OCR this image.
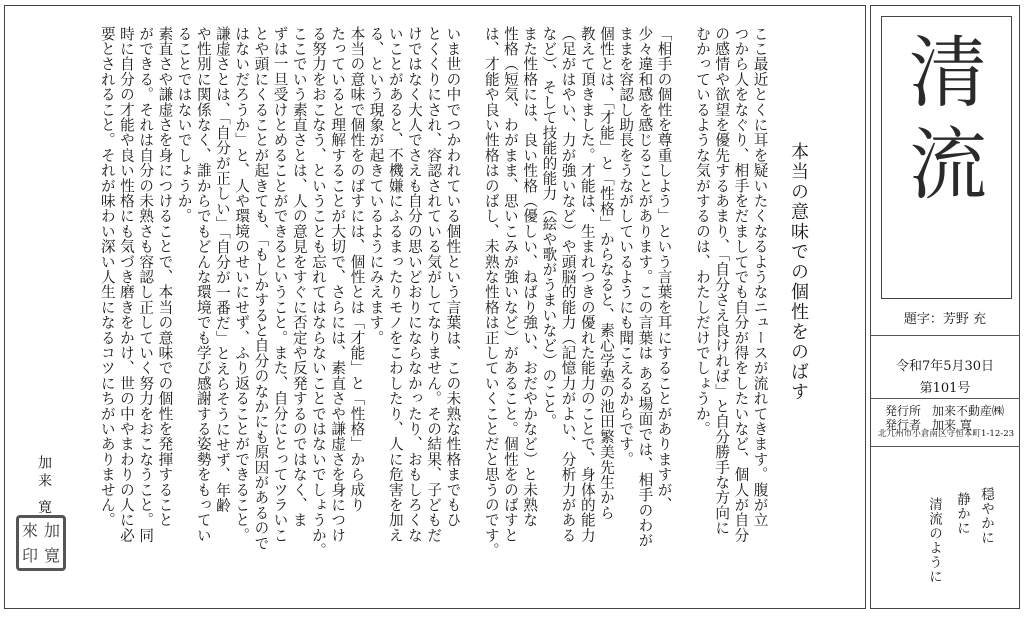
本当の意味での個性をのばす
ここ最近とくに耳を疑いたくなるようなニュースが流れてきます。腹が立
つから人をなぐり、相手をだましてでも自分が得をしたいなど、個人が自分
の感情や欲望を優先するあまり、「自分さえ良ければ」と自分勝手な方向に
むかっているような気がするのは、わたしだけでしょうか。
「相手の個性を尊重しよう」という言葉を耳にすることがありますが、
少々違和感を感じることがあります。この言葉は ある場面では、相手のわが
ままを容認し助長をうながしているようにも聞こえるからです。
個性とは、「才能」と「性格」からなると、素心学塾の池田繁美先生から
教えて頂きました。才能は、生まれつきの優れた能力のことで、身体的能力
（足がはやい、力が強いなど）や頭脳的能力（記憶力がよい、分析力がある
など）、そして技能的能力（絵や歌がうまいなど）のこと。
また性格には、良い性格（優しい、ねばり強い、おだやかなど）と未熟な
性格（短気、わがまま、思いこみが強いなど）があること。個性をのばすと
は、才能や良い性格はのばし、未熟な性格は正していくことだと思うのです。
いま世の中でつかわれている個性という言葉は、この未熟な性格までもひ
とくくりにされ、容認されている気がしてなりません。その結果、子どもだ
けではなく大人でさえも自分の思いどおりにならなかったり、おもしろくな
いことがあると、不機嫌にふるまったりモノをこわしたり、人に危害を加え
る、という現象が起きているようにみえます。
本当の意味で個性をのばすには、個性とは「才能」と「性格」から成り
たっていると理解することが大切で、さらには、素直さや謙虚さを身につけ
る努力をおこなう、ということも忘れてはならないことではないでしょうか。
ここでいう素直さとは、人の意見をすぐに否定や反発するのではなく、ま
ずは一旦受けとめることができるということ。また、自分にとってツラいこ
とや頭にくることが起きても、「もしかすると自分のなかにも原因があるので
はないだろうか」と、人や環境のせいにせず、ふり返ることができること。
謙虚さとは、「自分が正しい」「自分が一番だ」とえらそうにせず、年齢
や性別に関係なく、誰からでもどんな環境でも学び感謝する姿勢をもってい
ることではないでしょうか。
素直さや謙虚さを身につけることで、本当の意味での個性を発揮すること
ができる。それは自分の未熟さも容認し正していく努力をおこなうこと。同
時に自分の才能や良い性格にも気づき磨きをかけ、世の中やまわりの人に必
要とされること。それが味わい深い人生になるコツにちがいありません。
加来 寛
來 加
印 寛
清流
題字：芳野 充
令和7年5月30日
第101号
発行所 加来不動産㈱
発行者 加来 寛
北九州市小倉南区守恒本町1-12-23
穏やかに
静かに
清流のように
